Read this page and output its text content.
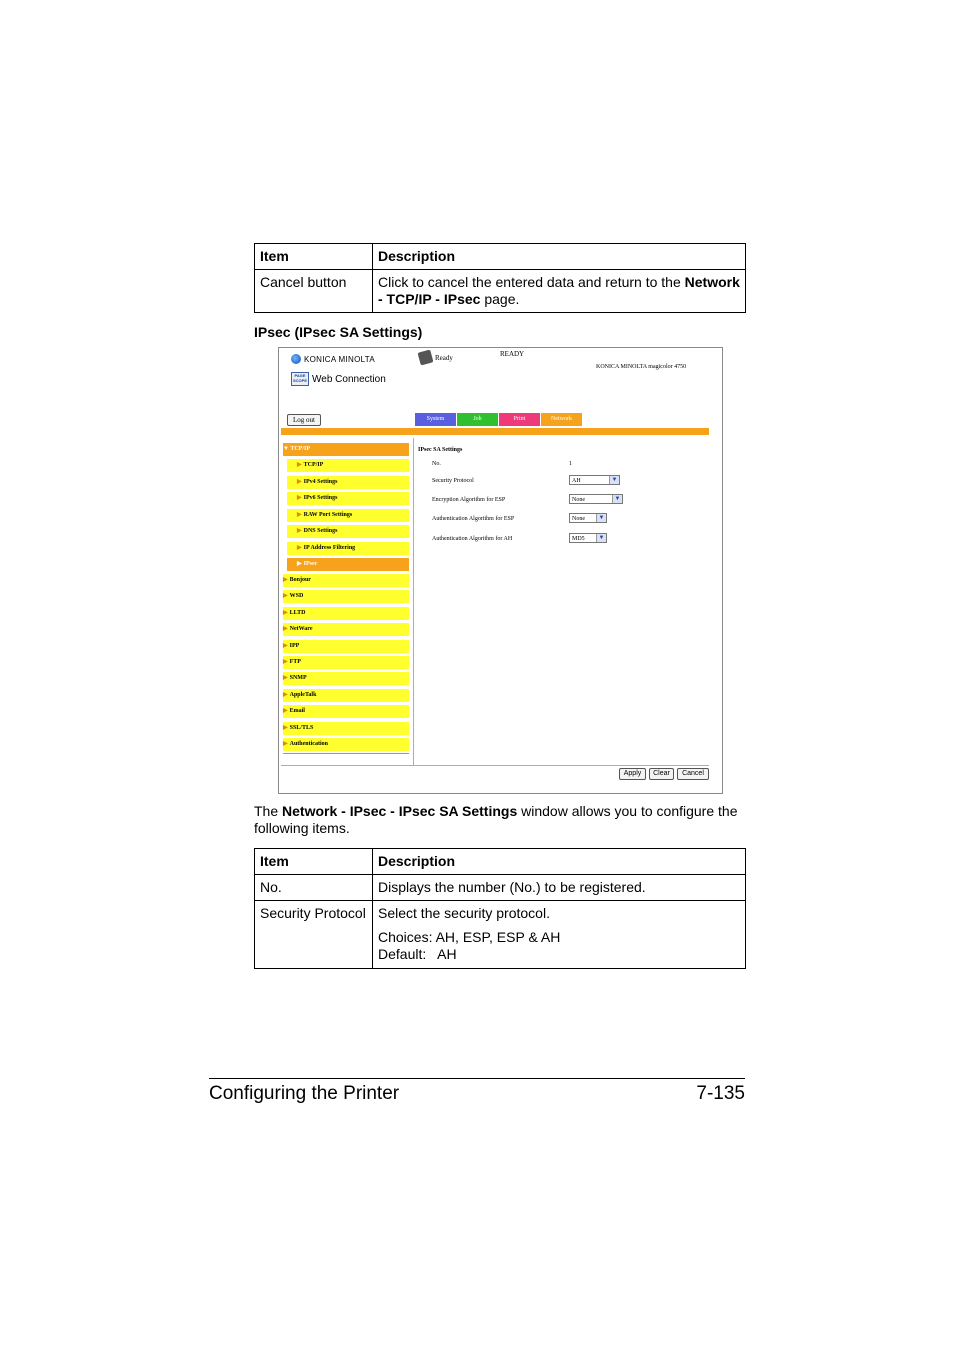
Item	Description
Cancel button	Click to cancel the entered data and return to the Network - TCP/IP - IPsec page.
IPsec (IPsec SA Settings)
KONICA MINOLTA
PAGE SCOPE Web Connection
Ready	READY
KONICA MINOLTA magicolor 4750
Log out	System	Job	Print	Network
▼ TCP/IP	IPsec SA Settings
No.	1
Security Protocol	AH	▼
Encryption Algorithm for ESP	None	▼
Authentication Algorithm for ESP	None	▼
Authentication Algorithm for AH	MD5	▼
Apply	Clear	Cancel
▶ TCP/IP
▶ IPv4 Settings
▶ IPv6 Settings
▶ RAW Port Settings
▶ DNS Settings
▶ IP Address Filtering
▶ IPsec
▶ Bonjour
▶ WSD
▶ LLTD
▶ NetWare
▶ IPP
▶ FTP
▶ SNMP
▶ AppleTalk
▶ Email
▶ SSL/TLS
▶ Authentication
The Network - IPsec - IPsec SA Settings window allows you to configure the following items.
Item	Description
No.	Displays the number (No.) to be registered.
Security Protocol	Select the security protocol.
Choices: AH, ESP, ESP & AH
Default:   AH
Configuring the Printer	7-135
